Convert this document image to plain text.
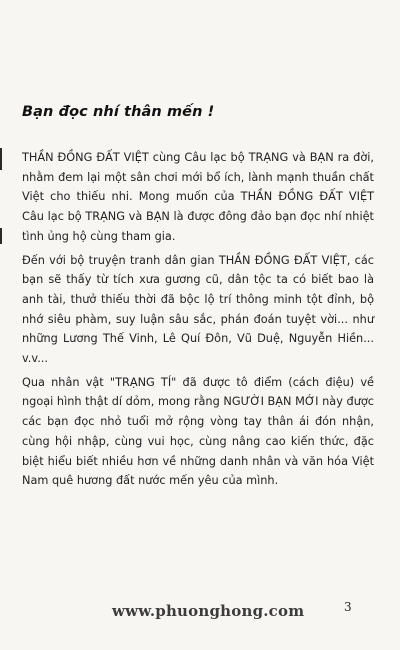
Bạn đọc nhí thân mến !

THẦN ĐỒNG ĐẤT VIỆT cùng Câu lạc bộ TRẠNG và BẠN ra đời, nhằm đem lại một sân chơi mới bổ ích, lành mạnh thuần chất Việt cho thiếu nhi. Mong muốn của THẦN ĐỒNG ĐẤT VIỆT Câu lạc bộ TRẠNG và BẠN là được đông đảo bạn đọc nhí nhiệt tình ủng hộ cùng tham gia.

Đến với bộ truyện tranh dân gian THẦN ĐỒNG ĐẤT VIỆT, các bạn sẽ thấy từ tích xưa gương cũ, dân tộc ta có biết bao là anh tài, thưở thiếu thời đã bộc lộ trí thông minh tột đỉnh, bộ nhớ siêu phàm, suy luận sâu sắc, phán đoán tuyệt vời... như những Lương Thế Vinh, Lê Quí Đôn, Vũ Duệ, Nguyễn Hiền... v.v...

Qua nhân vật "TRẠNG TÍ" đã được tô điểm (cách điệu) về ngoại hình thật dí dỏm, mong rằng NGƯỜI BẠN MỚI này được các bạn đọc nhỏ tuổi mở rộng vòng tay thân ái đón nhận, cùng hội nhập, cùng vui học, cùng nâng cao kiến thức, đặc biệt hiểu biết nhiều hơn về những danh nhân và văn hóa Việt Nam quê hương đất nước mến yêu của mình.

www.phuonghong.com	3
